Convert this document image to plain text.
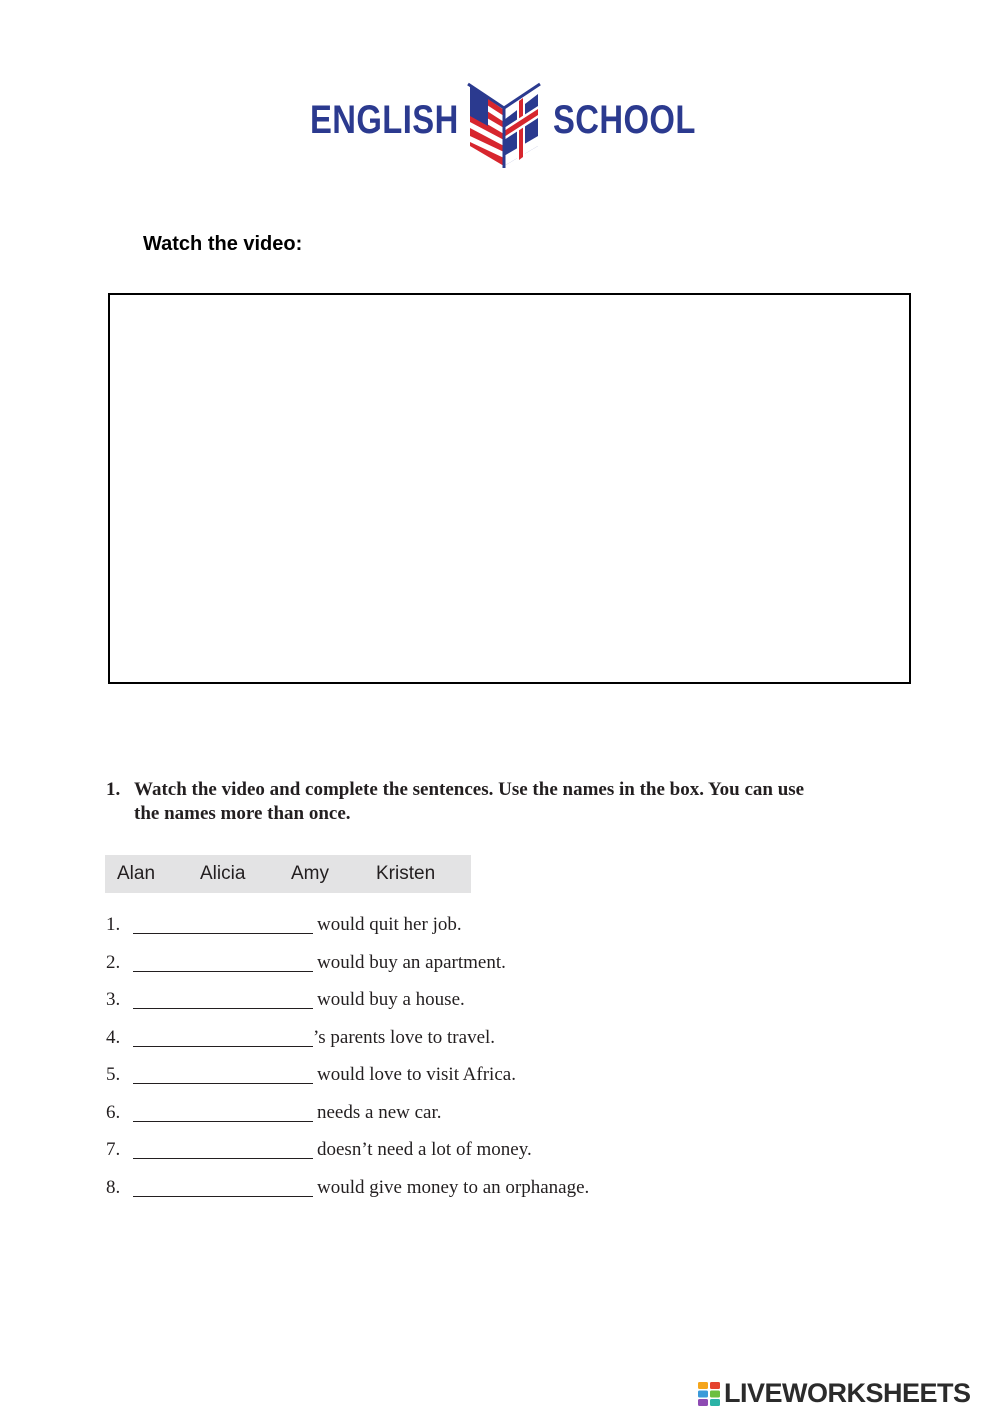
ENGLISH SCHOOL
Watch the video:
1. Watch the video and complete the sentences. Use the names in the box. You can use the names more than once.
Alan Alicia Amy Kristen
1.	would quit her job.
2.	would buy an apartment.
3.	would buy a house.
4.	’s parents love to travel.
5.	would love to visit Africa.
6.	needs a new car.
7.	doesn’t need a lot of money.
8.	would give money to an orphanage.
LIVEWORKSHEETS
